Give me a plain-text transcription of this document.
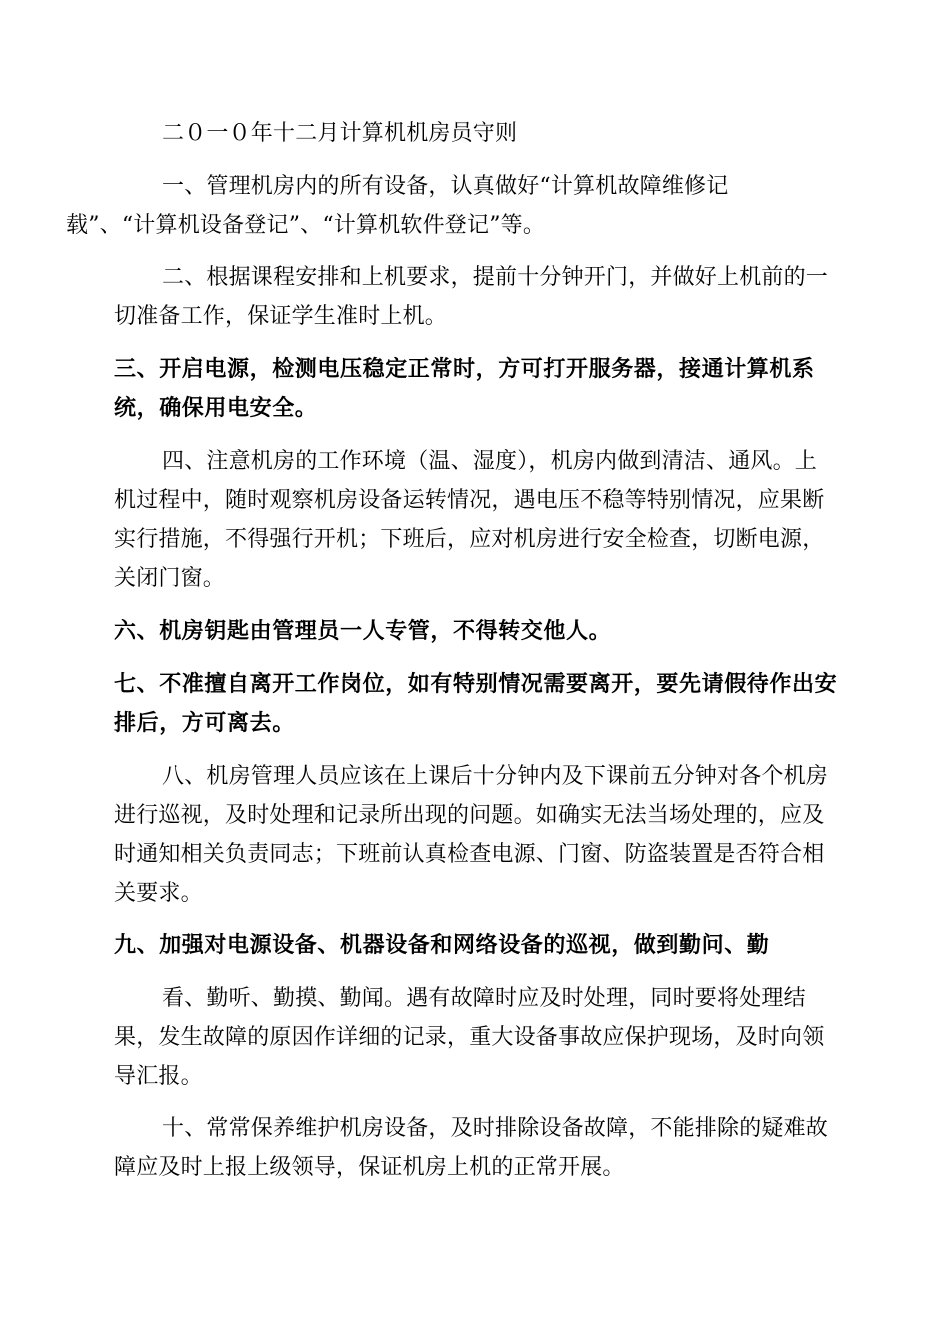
二０一０年十二月计算机机房员守则

一、管理机房内的所有设备，认真做好“计算机故障维修记
载”、“计算机设备登记”、“计算机软件登记”等。

二、根据课程安排和上机要求，提前十分钟开门，并做好上机前的一
切准备工作，保证学生准时上机。

三、开启电源，检测电压稳定正常时，方可打开服务器，接通计算机系
统，确保用电安全。

四、注意机房的工作环境（温、湿度），机房内做到清洁、通风。上
机过程中，随时观察机房设备运转情况，遇电压不稳等特别情况，应果断
实行措施，不得强行开机；下班后，应对机房进行安全检查，切断电源，
关闭门窗。

六、机房钥匙由管理员一人专管，不得转交他人。

七、不准擅自离开工作岗位，如有特别情况需要离开，要先请假待作出安
排后，方可离去。

八、机房管理人员应该在上课后十分钟内及下课前五分钟对各个机房
进行巡视，及时处理和记录所出现的问题。如确实无法当场处理的，应及
时通知相关负责同志；下班前认真检查电源、门窗、防盗装置是否符合相
关要求。

九、加强对电源设备、机器设备和网络设备的巡视，做到勤问、勤

看、勤听、勤摸、勤闻。遇有故障时应及时处理，同时要将处理结
果，发生故障的原因作详细的记录，重大设备事故应保护现场，及时向领
导汇报。

十、常常保养维护机房设备，及时排除设备故障，不能排除的疑难故
障应及时上报上级领导，保证机房上机的正常开展。
